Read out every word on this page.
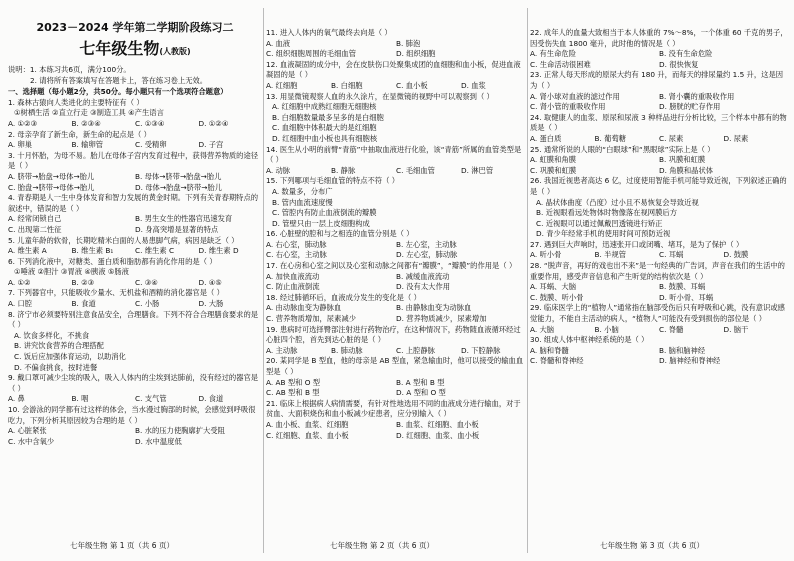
2023－2024 学年第二学期阶段练习二
七年级生物(人教版)

说明：1. 本练习共6页，满分100分。

2. 请将所有答案填写在答题卡上，答在练习卷上无效。

一、选择题（每小题2分，共50分。每小题只有一个选项符合题意）

1. 森林古猿向人类进化的主要特征有（ ）

①树栖生活 ②直立行走 ③制造工具 ④产生语言
A. ①②③	B. ②③④	C. ①③④	D. ①②④

2. 母亲孕育了新生命，新生命的起点是（ ）

A. 卵巢	B. 输卵管	C. 受精卵	D. 子宫

3. 十月怀胎，为母不易。胎儿在母体子宫内发育过程中，获得营养物质的途径是（ ）

A. 脐带→胎盘→母体→胎儿	B. 母体→脐带→胎盘→胎儿
C. 胎盘→脐带→母体→胎儿	D. 母体→胎盘→脐带→胎儿

4. 青春期是人一生中身体发育和智力发展的黄金时期。下列有关青春期特点的叙述中，错误的是（ ）

A. 经常闭锁自己	B. 男生女生的性器官迅速发育
C. 出现第二性征	D. 身高突增是显著的特点

5. 儿童年龄的软骨，长期吃精米白面的人易患脚气病，病因是缺乏（ ）

A. 维生素 A	B. 维生素 B₁	C. 维生素 C	D. 维生素 D

6. 下列消化液中，对糖类、蛋白质和脂肪都有消化作用的是（ ）

①唾液 ②胆汁 ③胃液 ④胰液 ⑤肠液
A. ①②	B. ②③	C. ③④	D. ④⑤

7. 下列器官中，只能吸收少量水、无机盐和酒精的消化器官是（ ）

A. 口腔	B. 食道	C. 小肠	D. 大肠

8. 济宁市必须要特别注意食品安全，合理膳食。下列不符合合理膳食要求的是（ ）

A. 饮食多样化，不挑食
B. 讲究饮食营养的合理搭配
C. 饭后应加强体育运动，以助消化
D. 不偏食挑食，按时进餐

9. 戴口罩可减少尘埃的吸入，吸入人体内的尘埃到达肺前，没有经过的器官是（ ）

A. 鼻	B. 咽	C. 支气管	D. 食道

10. 会游泳的同学都有过这样的体会，当水漫过胸部的时候，会感觉到呼吸很吃力，下列分析其原因较为合理的是（ ）

A. 心脏紧张	B. 水的压力使胸廓扩大受阻
C. 水中含氧少	D. 水中温度低

11. 进入人体内的氧气最终去向是（ ）

A. 血液	B. 肺泡
C. 组织细胞周围的毛细血管	D. 组织细胞

12. 血液凝固的成分中，会在皮肤伤口处聚集成团的血细胞和血小板，促进血液凝固的是（ ）

A. 红细胞	B. 白细胞	C. 血小板	D. 血浆

13. 用显微镜观察人血的永久涂片，在显微镜的视野中可以观察到（ ）

A. 红细胞中成熟红细胞无细胞核
B. 白细胞数量最多呈多的是白细胞
C. 血细胞中体积最大的是红细胞
D. 红细胞中血小板也具有细胞核

14. 医生从小明的前臂“青筋”中抽取血液进行化验，该“青筋”所属的血管类型是（ ）

A. 动脉	B. 静脉	C. 毛细血管	D. 淋巴管

15. 下列哪项与毛细血管的特点不符（ ）

A. 数量多，分布广
B. 管内血流速度慢
C. 管腔内有防止血液倒流的瓣膜
D. 管壁只由一层上皮细胞构成

16. 心脏壁的腔和与之相连的血管分别是（ ）

A. 右心室，肺动脉	B. 左心室，主动脉
C. 右心室，主动脉	D. 左心室，肺动脉

17. 在心房和心室之间以及心室和动脉之间都有“瓣膜”，“瓣膜”的作用是（ ）

A. 加快血液流动	B. 减缓血液流动
C. 防止血液倒流	D. 没有太大作用

18. 经过肺循环后，血液成分发生的变化是（ ）

A. 由动脉血变为静脉血	B. 由静脉血变为动脉血
C. 营养物质增加，尿素减少	D. 营养物质减少，尿素增加

19. 患病时可选择臀部注射进行药物治疗，在这种情况下，药物随血液循环经过心脏四个腔，首先到达心脏的是（ ）

A. 主动脉	B. 肺动脉	C. 上腔静脉	D. 下腔静脉

20. 某同学是 B 型血，他的母亲是 AB 型血，紧急输血时，他可以接受的输血血型是（ ）

A. AB 型和 O 型	B. A 型和 B 型
C. AB 型和 B 型	D. A 型和 O 型

21. 临床上根据病人病情需要，有针对性地选用不同的血液成分进行输血，对于贫血、大面积烧伤和血小板减少症患者，应分别输入（ ）

A. 血小板、血浆、红细胞	B. 血浆、红细胞、血小板
C. 红细胞、血浆、血小板	D. 红细胞、血浆、血小板

22. 成年人的血量大致相当于本人体重的 7%～8%，一个体重 60 千克的男子，因受伤失血 1800 毫升，此时他的情况是（ ）

A. 有生命危险	B. 没有生命危险
C. 生命活动很困难	D. 很快恢复

23. 正常人每天形成的原尿大约有 180 升，而每天的排尿量约 1.5 升，这是因为（ ）

A. 肾小球对血液的滤过作用	B. 肾小囊的重吸收作用
C. 肾小管的重吸收作用	D. 膀胱的贮存作用

24. 取健康人的血浆、原尿和尿液 3 种样品进行分析比较，三个样本中都有的物质是（ ）

A. 蛋白质	B. 葡萄糖	C. 尿素	D. 尿素

25. 通常所说的人眼的“白眼球”和“黑眼球”实际上是（ ）

A. 虹膜和角膜	B. 巩膜和虹膜
C. 巩膜和虹膜	D. 角膜和晶状体

26. 我国近视患者高达 6 亿，过度使用智能手机可能导致近视，下列叙述正确的是（ ）

A. 晶状体曲度（凸度）过小且不易恢复会导致近视
B. 近视眼看远处物体时物像落在视网膜后方
C. 近视眼可以通过佩戴凹透镜进行矫正
D. 青少年经常手机的使用时间可预防近视

27. 遇到巨大声响时，迅速张开口或闭嘴、堵耳，是为了保护（ ）

A. 听小骨	B. 半规管	C. 耳蜗	D. 鼓膜

28. “脱声音，再好的戏也出不来”是一句经典的广告词，声音在我们的生活中的重要作用，感受声音信息和产生听觉的结构依次是（ ）

A. 耳蜗、大脑	B. 鼓膜、耳蜗
C. 鼓膜、听小骨	D. 听小骨、耳蜗

29. 临床医学上的“植物人”通常指在脑部受伤后只有呼吸和心跳，没有意识或感觉能力，不能自主活动的病人，“植物人”可能没有受到损伤的部位是（ ）

A. 大脑	B. 小脑	C. 脊髓	D. 脑干

30. 组成人体中枢神经系统的是（ ）

A. 脑和脊髓	B. 脑和脑神经
C. 脊髓和脊神经	D. 脑神经和脊神经
七年级生物 第 1 页（共 6 页）	七年级生物 第 2 页（共 6 页）	七年级生物 第 3 页（共 6 页）
